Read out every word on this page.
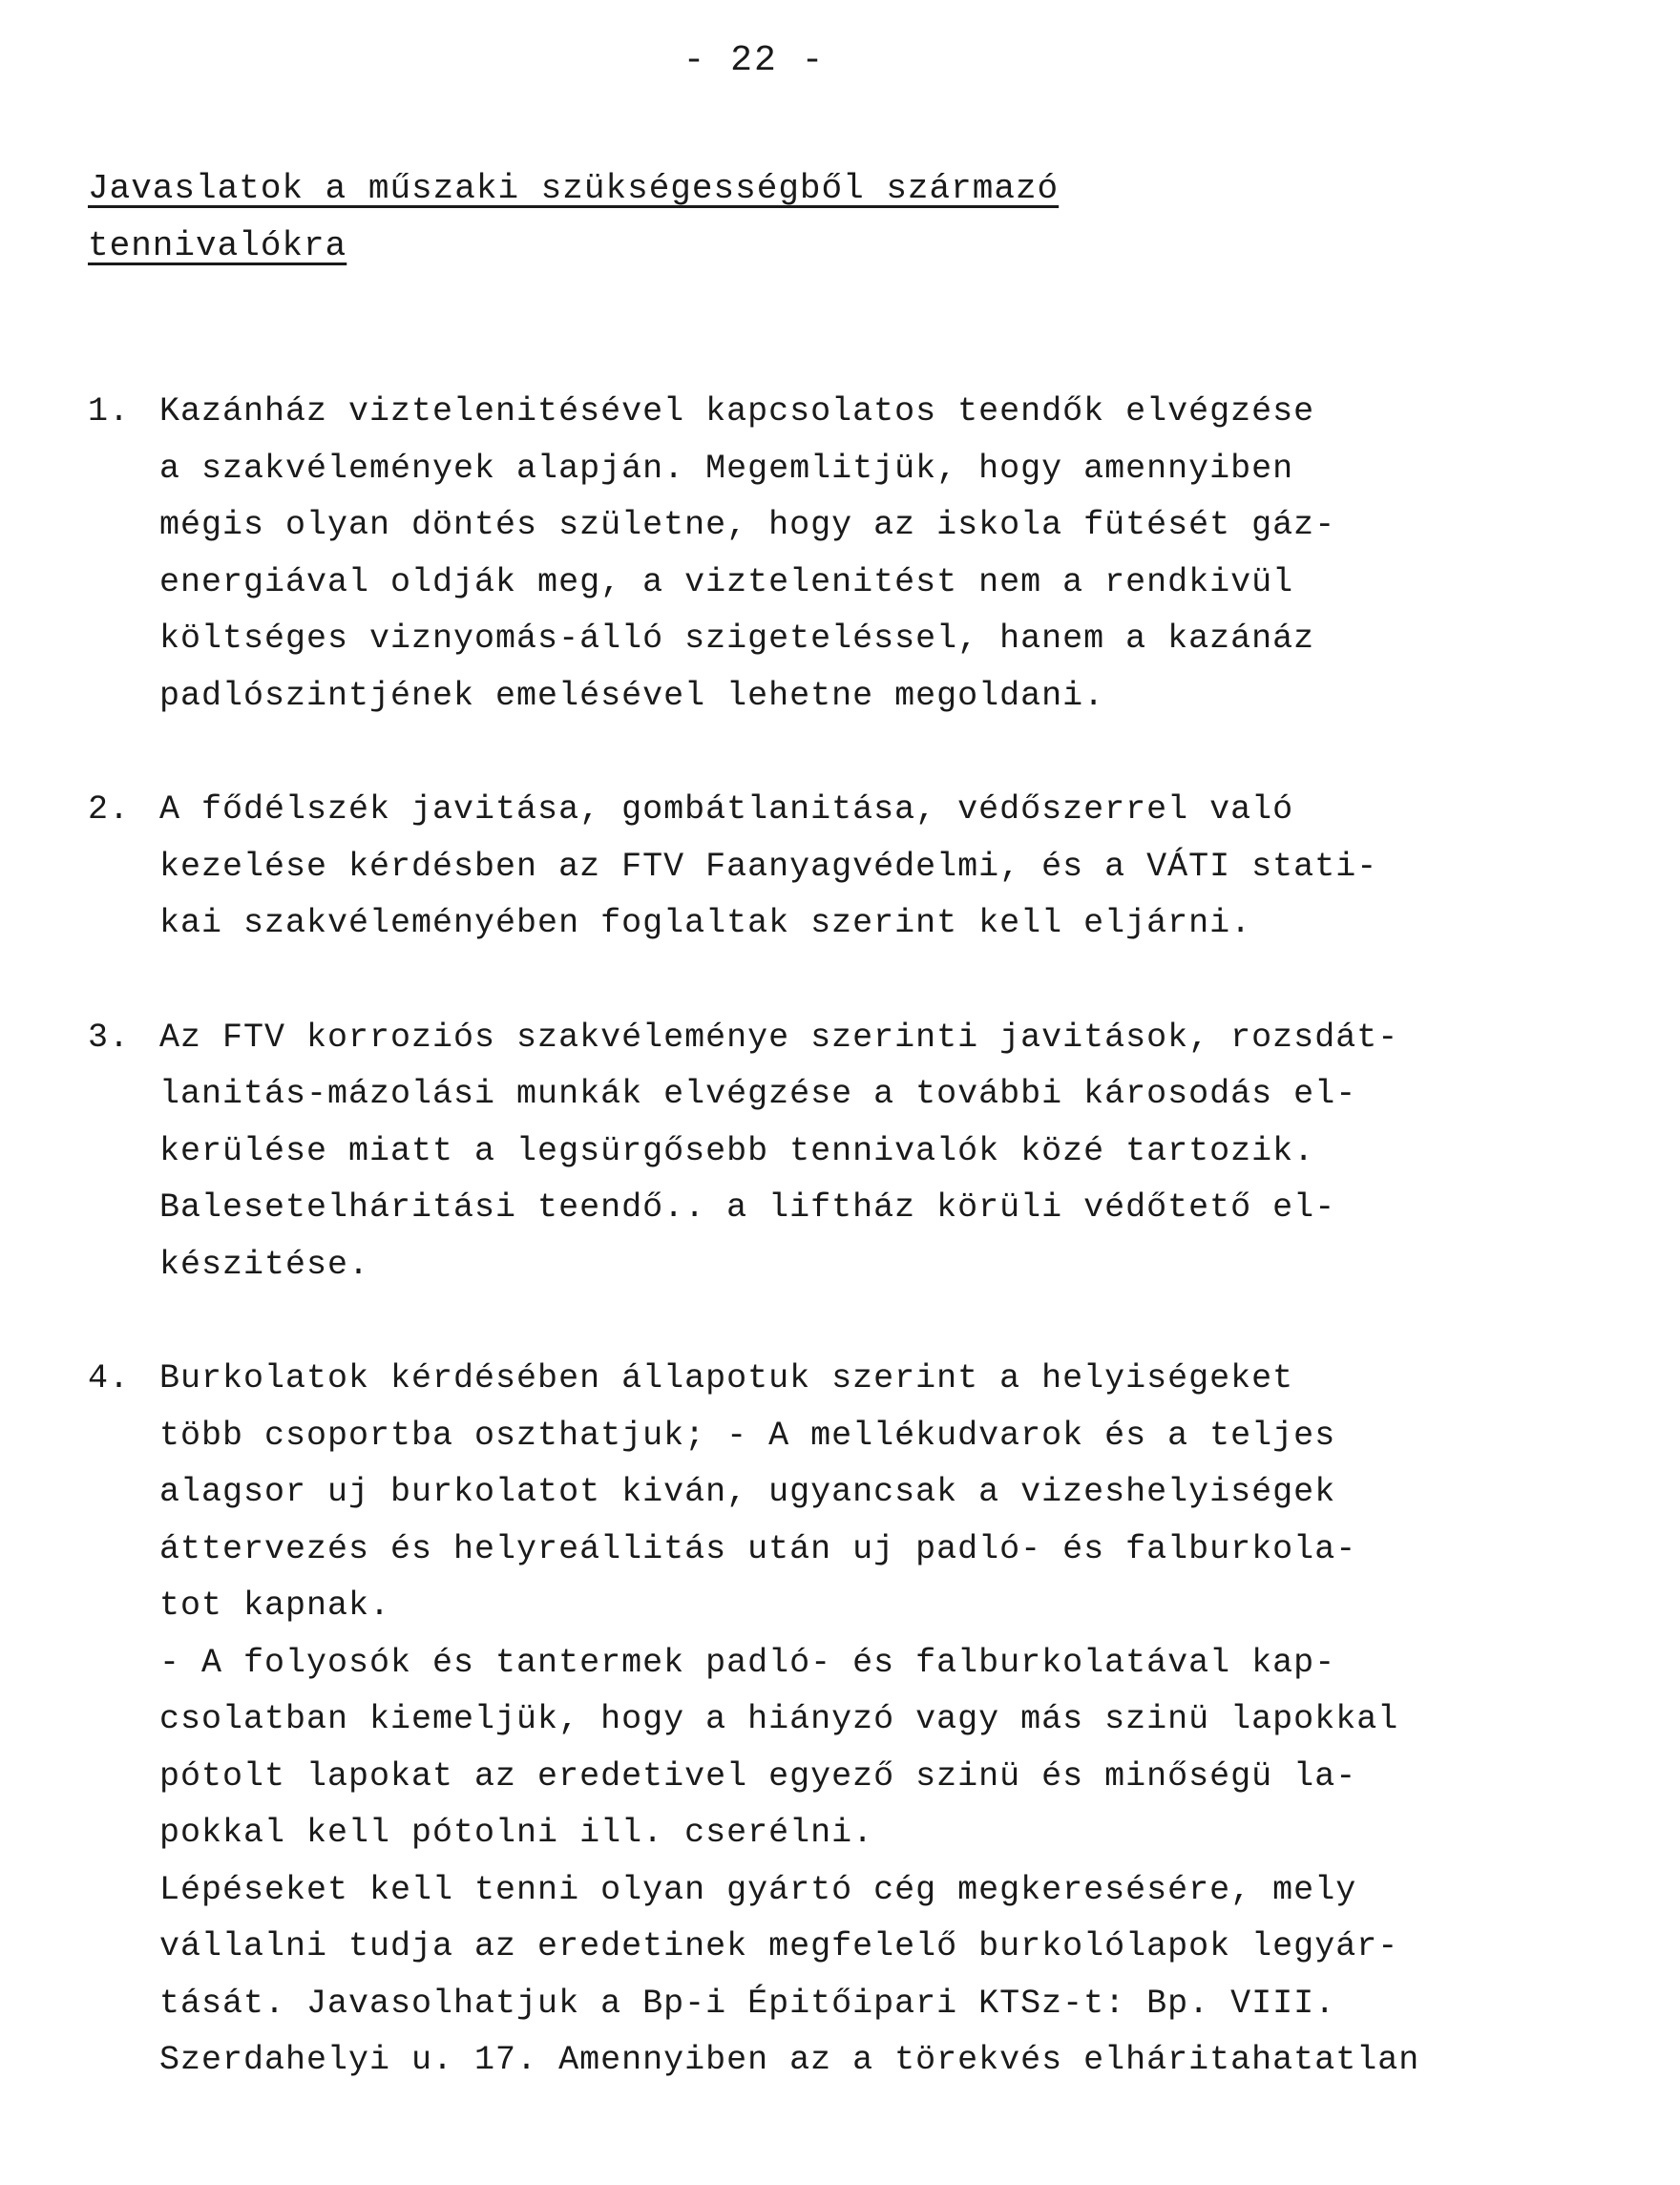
- 22 -
Javaslatok a műszaki szükségességből származó
tennivalókra
1. Kazánház viztelenitésével kapcsolatos teendők elvégzése
a szakvélemények alapján. Megemlitjük, hogy amennyiben
mégis olyan döntés születne, hogy az iskola fütését gáz-
energiával oldják meg, a viztelenitést nem a rendkivül
költséges viznyomás-álló szigeteléssel, hanem a kazánáz
padlószintjének emelésével lehetne megoldani.
2. A fődélszék javitása, gombátlanitása, védőszerrel való
kezelése kérdésben az FTV Faanyagvédelmi, és a VÁTI stati-
kai szakvéleményében foglaltak szerint kell eljárni.
3. Az FTV korroziós szakvéleménye szerinti javitások, rozsdát-
lanitás-mázolási munkák elvégzése a további károsodás el-
kerülése miatt a legsürgősebb tennivalók közé tartozik.
Balesetelháritási teendő.. a liftház körüli védőtető el-
készitése.
4. Burkolatok kérdésében állapotuk szerint a helyiségeket
több csoportba oszthatjuk; - A mellékudvarok és a teljes
alagsor uj burkolatot kiván, ugyancsak a vizeshelyiségek
áttervezés és helyreállitás után uj padló- és falburkola-
tot kapnak.
- A folyosók és tantermek padló- és falburkolatával kap-
csolatban kiemeljük, hogy a hiányzó vagy más szinü lapokkal
pótolt lapokat az eredetivel egyező szinü és minőségü la-
pokkal kell pótolni ill. cserélni.
Lépéseket kell tenni olyan gyártó cég megkeresésére, mely
vállalni tudja az eredetinek megfelelő burkolólapok legyár-
tását. Javasolhatjuk a Bp-i Épitőipari KTSz-t: Bp. VIII.
Szerdahelyi u. 17. Amennyiben az a törekvés elháritahatatlan
